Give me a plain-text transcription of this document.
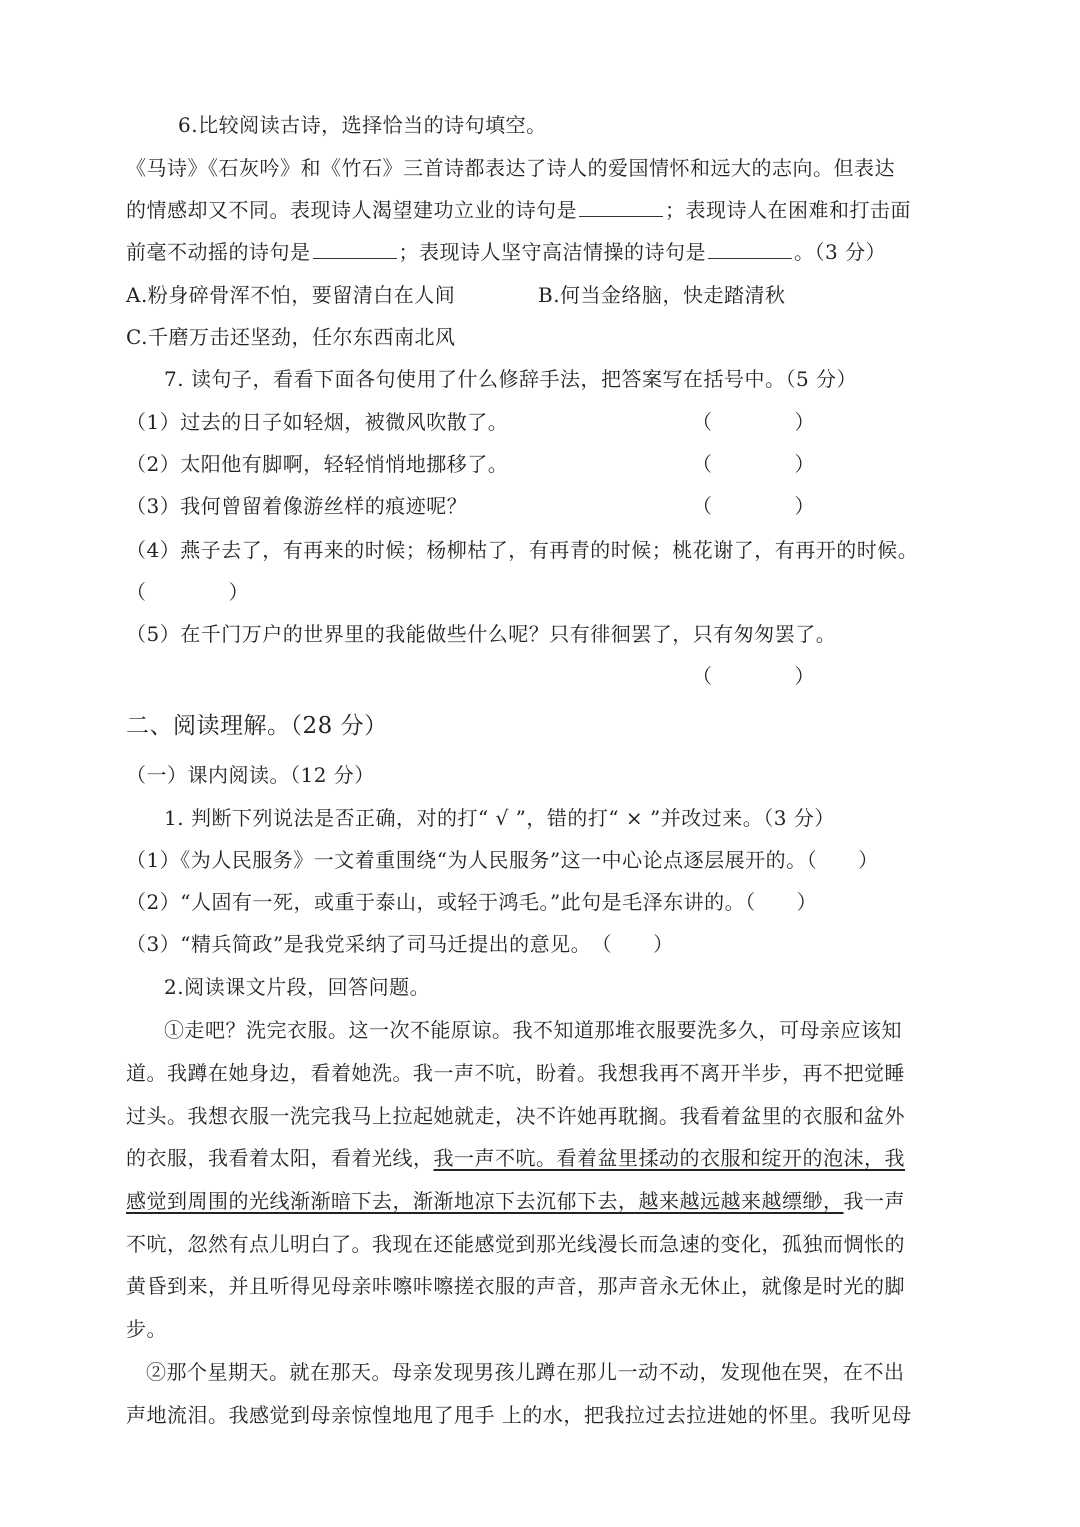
6.比较阅读古诗，选择恰当的诗句填空。
《马诗》《石灰吟》和《竹石》三首诗都表达了诗人的爱国情怀和远大的志向。但表达
的情感却又不同。表现诗人渴望建功立业的诗句是	；表现诗人在困难和打击面
前毫不动摇的诗句是	；表现诗人坚守高洁情操的诗句是	。（3 分）
A.粉身碎骨浑不怕，要留清白在人间	B.何当金络脑，快走踏清秋
C.千磨万击还坚劲，任尔东西南北风
7. 读句子，看看下面各句使用了什么修辞手法，把答案写在括号中。（5 分）
（1）过去的日子如轻烟，被微风吹散了。	（　　　　）
（2）太阳他有脚啊，轻轻悄悄地挪移了。	（　　　　）
（3）我何曾留着像游丝样的痕迹呢？	（　　　　）
（4）燕子去了，有再来的时候；杨柳枯了，有再青的时候；桃花谢了，有再开的时候。
（　　　　）
（5）在千门万户的世界里的我能做些什么呢？只有徘徊罢了，只有匆匆罢了。
（　　　　）
二、阅读理解。（28 分）
（一）课内阅读。（12 分）
1. 判断下列说法是否正确，对的打“ √ ”，错的打“ × ”并改过来。（3 分）
（1）《为人民服务》一文着重围绕“为人民服务”这一中心论点逐层展开的。（　　）
（2）“人固有一死，或重于泰山，或轻于鸿毛。”此句是毛泽东讲的。（　　）
（3）“精兵简政”是我党采纳了司马迁提出的意见。　（　　）
2.阅读课文片段，回答问题。
①走吧？洗完衣服。这一次不能原谅。我不知道那堆衣服要洗多久，可母亲应该知
道。我蹲在她身边，看着她洗。我一声不吭，盼着。我想我再不离开半步，再不把觉睡
过头。我想衣服一洗完我马上拉起她就走，决不许她再耽搁。我看着盆里的衣服和盆外
的衣服，我看着太阳，看着光线，我一声不吭。看着盆里揉动的衣服和绽开的泡沫，我
感觉到周围的光线渐渐暗下去，渐渐地凉下去沉郁下去，越来越远越来越缥缈，我一声
不吭，忽然有点儿明白了。我现在还能感觉到那光线漫长而急速的变化，孤独而惆怅的
黄昏到来，并且听得见母亲咔嚓咔嚓搓衣服的声音，那声音永无休止，就像是时光的脚
步。
②那个星期天。就在那天。母亲发现男孩儿蹲在那儿一动不动，发现他在哭，在不出
声地流泪。我感觉到母亲惊惶地甩了甩手 上的水，把我拉过去拉进她的怀里。我听见母
